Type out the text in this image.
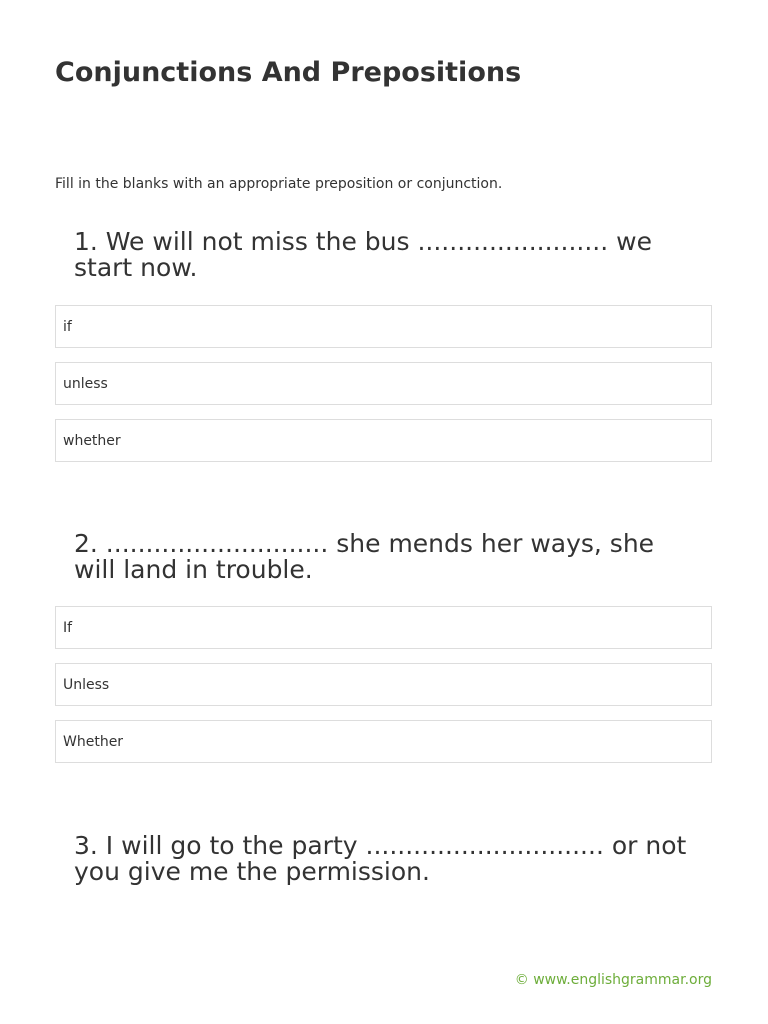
Conjunctions And Prepositions

Fill in the blanks with an appropriate preposition or conjunction.

1. We will not miss the bus ........................ we start now.
if
unless
whether
2. ............................ she mends her ways, she will land in trouble.
If
Unless
Whether
3. I will go to the party .............................. or not you give me the permission.

© www.englishgrammar.org
